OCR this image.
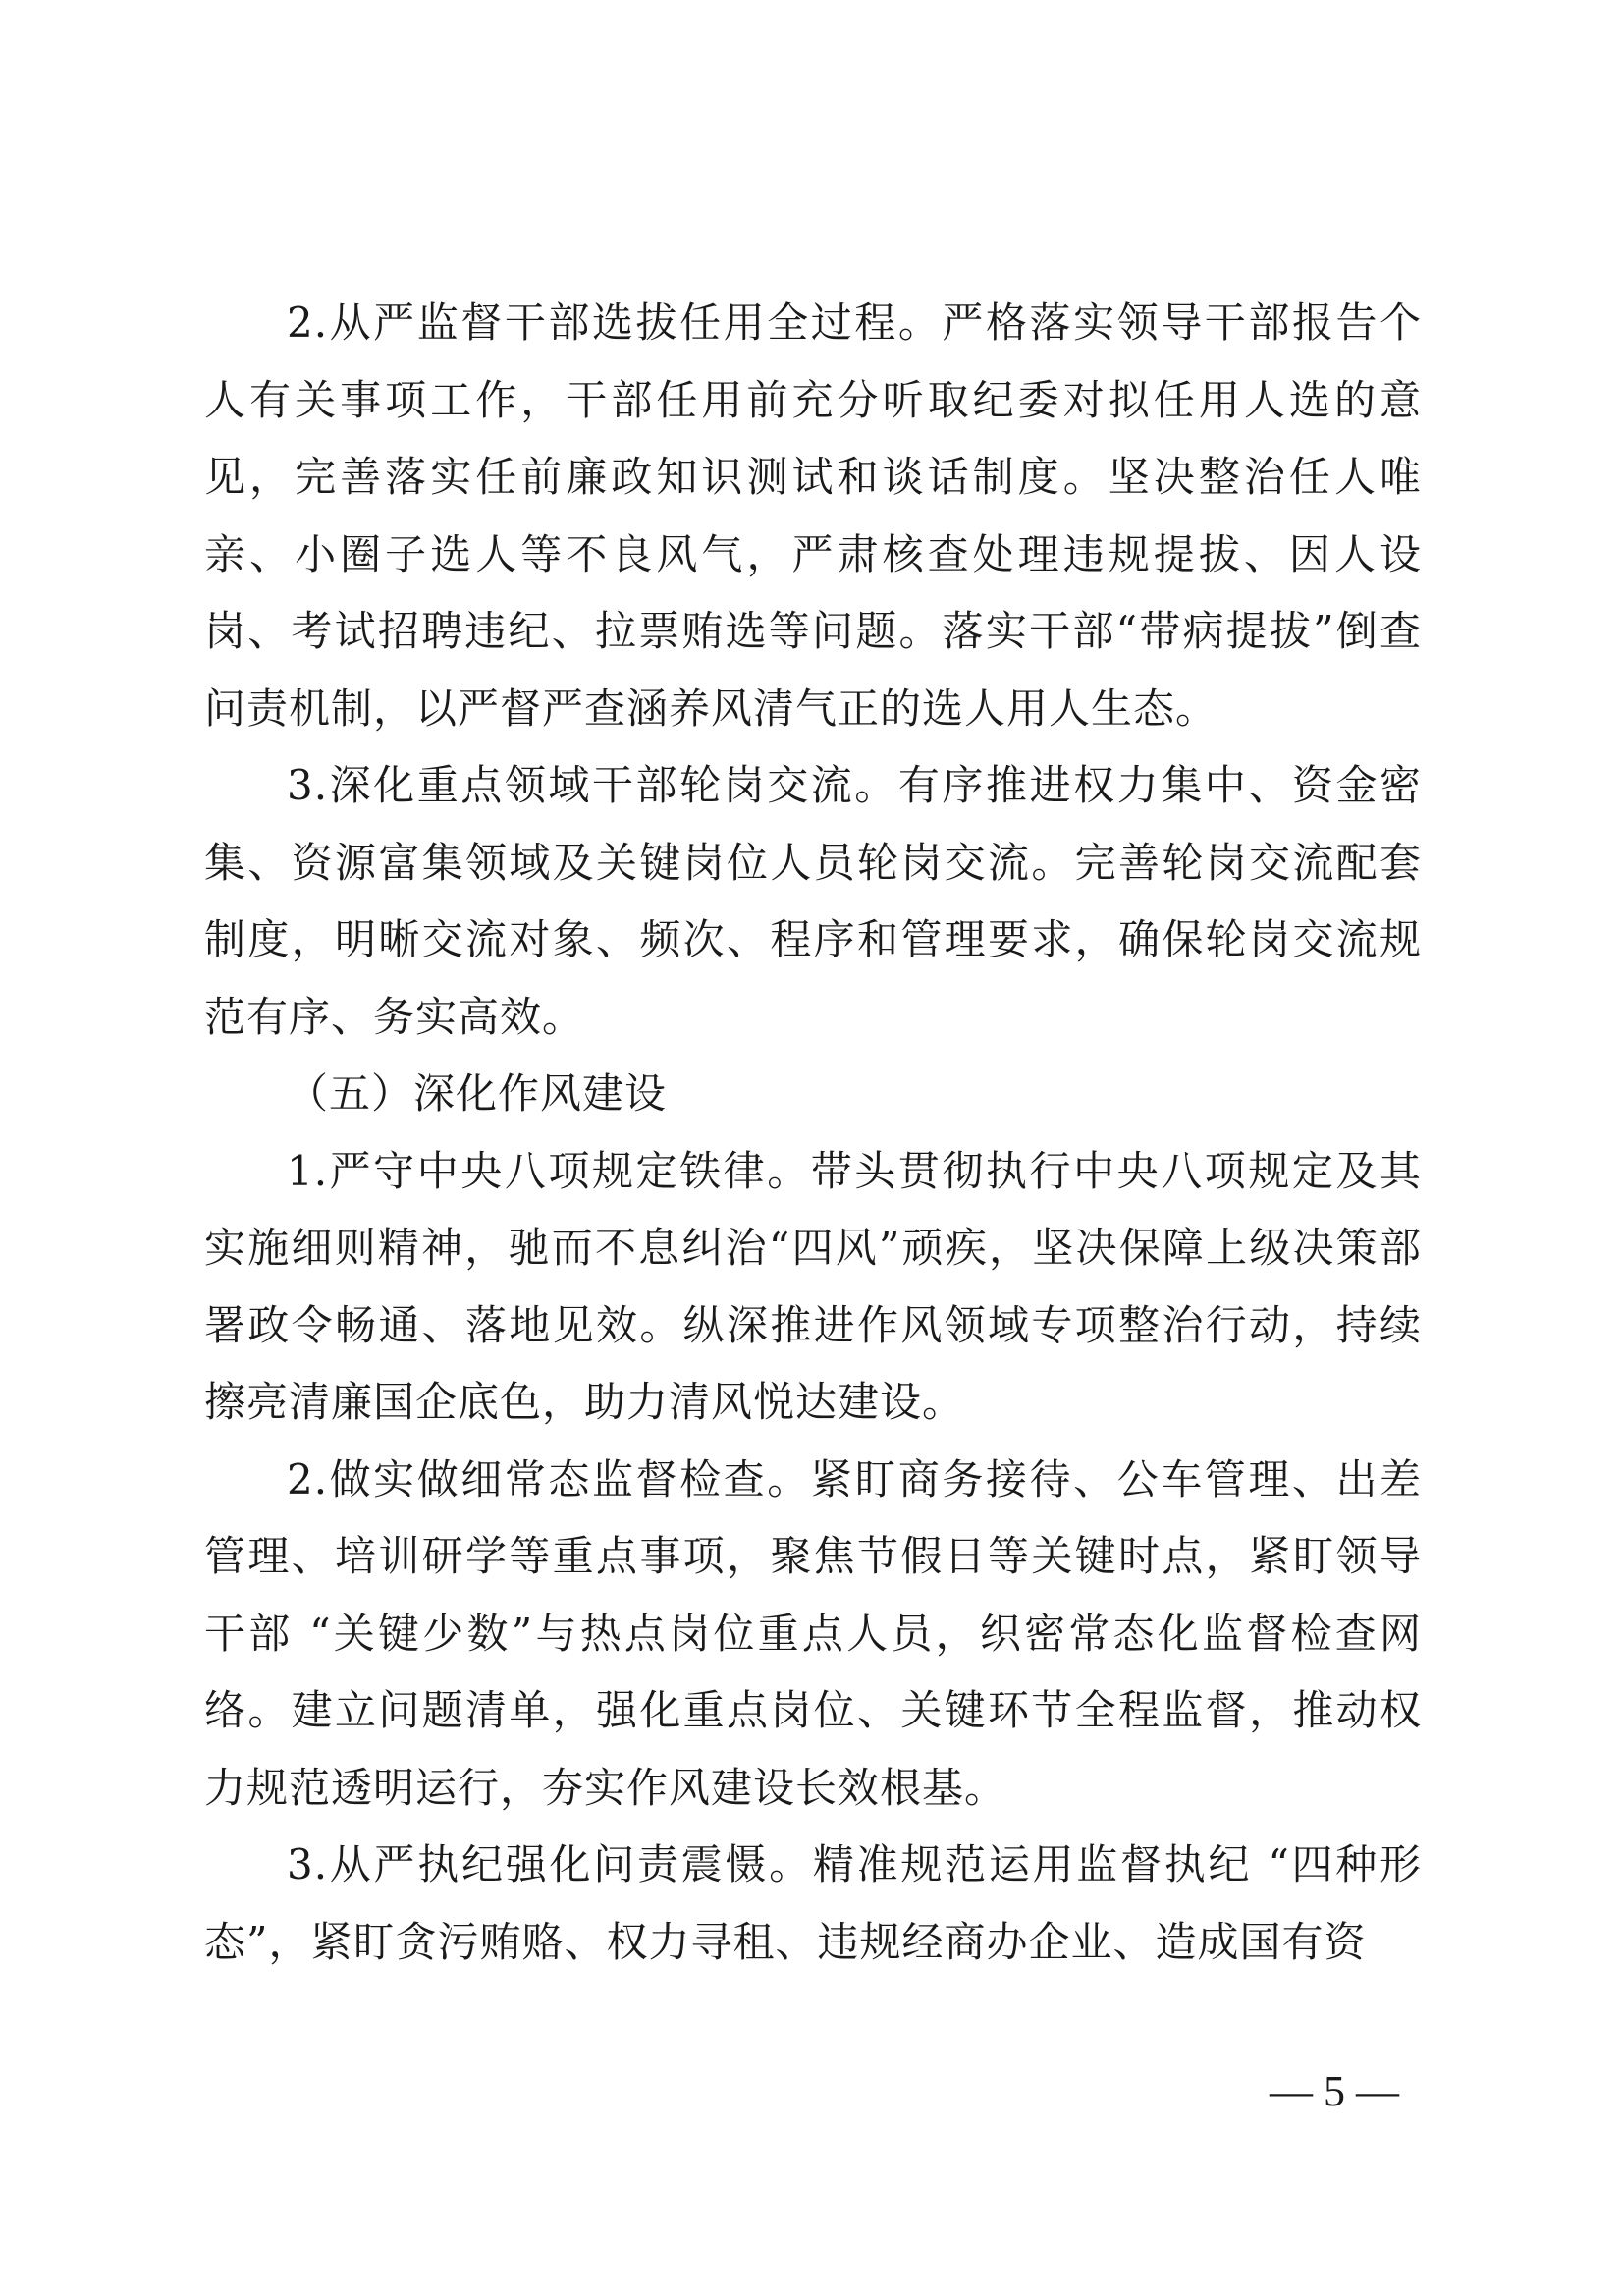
2.从严监督干部选拔任用全过程。严格落实领导干部报告个人有关事项工作，干部任用前充分听取纪委对拟任用人选的意见，完善落实任前廉政知识测试和谈话制度。坚决整治任人唯亲、小圈子选人等不良风气，严肃核查处理违规提拔、因人设岗、考试招聘违纪、拉票贿选等问题。落实干部“带病提拔”倒查问责机制，以严督严查涵养风清气正的选人用人生态。

3.深化重点领域干部轮岗交流。有序推进权力集中、资金密集、资源富集领域及关键岗位人员轮岗交流。完善轮岗交流配套制度，明晰交流对象、频次、程序和管理要求，确保轮岗交流规范有序、务实高效。

（五）深化作风建设

1.严守中央八项规定铁律。带头贯彻执行中央八项规定及其实施细则精神，驰而不息纠治“四风”顽疾，坚决保障上级决策部署政令畅通、落地见效。纵深推进作风领域专项整治行动，持续擦亮清廉国企底色，助力清风悦达建设。

2.做实做细常态监督检查。紧盯商务接待、公车管理、出差管理、培训研学等重点事项，聚焦节假日等关键时点，紧盯领导干部 “关键少数”与热点岗位重点人员，织密常态化监督检查网络。建立问题清单，强化重点岗位、关键环节全程监督，推动权力规范透明运行，夯实作风建设长效根基。

3.从严执纪强化问责震慑。精准规范运用监督执纪 “四种形态”，紧盯贪污贿赂、权力寻租、违规经商办企业、造成国有资

— 5 —
